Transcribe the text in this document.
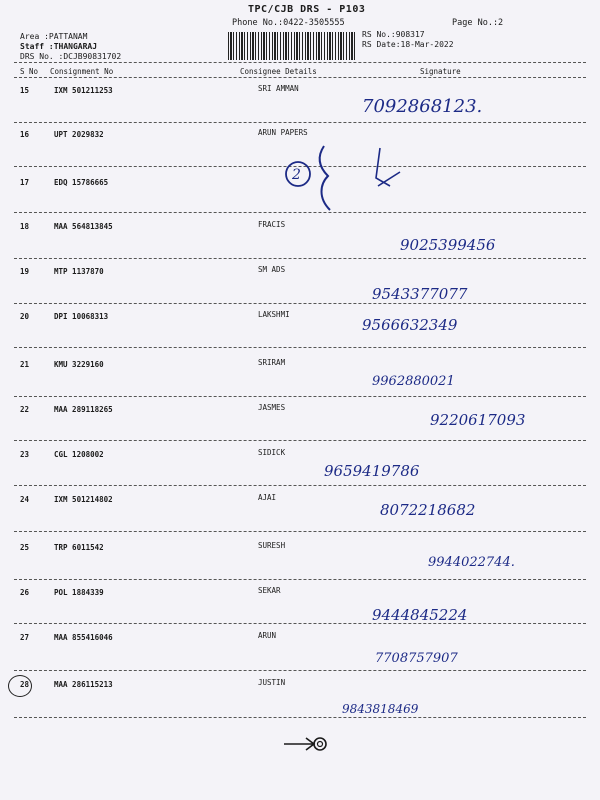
TPC/CJB DRS - P103
Phone No.:0422-3505555	Page No.:2
Area :PATTANAM
Staff :THANGARAJ
DRS No. :DCJB90831702
RS No.:908317
RS Date:18-Mar-2022
S No Consignment No	Consignee Details	Signature
15	IXM 501211253	SRI AMMAN
7092868123.
16	UPT 2029832	ARUN PAPERS
17	EDQ 15786665	2
18	MAA 564813845	FRACIS
9025399456
19	MTP 1137870	SM ADS
9543377077
20	DPI 10068313	LAKSHMI
9566632349
21	KMU 3229160	SRIRAM
9962880021
22	MAA 289118265	JASMES
9220617093
23	CGL 1208002	SIDICK
9659419786
24	IXM 501214802	AJAI
8072218682
25	TRP 6011542	SURESH
9944022744.
26	POL 1884339	SEKAR
9444845224
27	MAA 855416046	ARUN
7708757907
28	MAA 286115213	JUSTIN
9843818469
